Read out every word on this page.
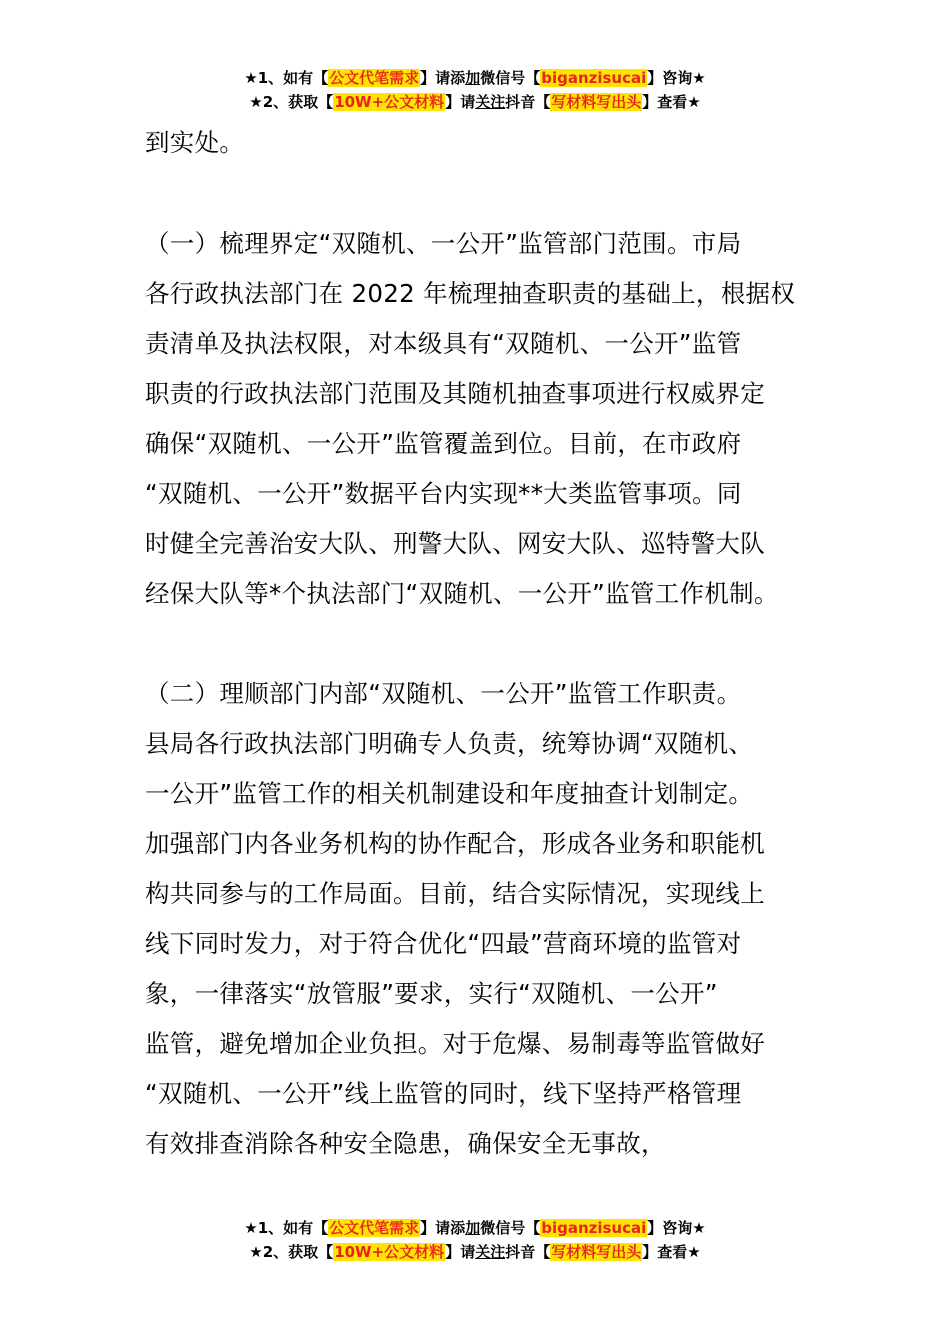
★1、如有【公文代笔需求】请添加微信号【biganzisucai】咨询★
★2、获取【10W+公文材料】请关注抖音【写材料写出头】查看★
到实处。
（一）梳理界定“双随机、一公开”监管部门范围。市局
各行政执法部门在 2022 年梳理抽查职责的基础上，根据权
责清单及执法权限，对本级具有“双随机、一公开”监管
职责的行政执法部门范围及其随机抽查事项进行权威界定
确保“双随机、一公开”监管覆盖到位。目前，在市政府
“双随机、一公开”数据平台内实现**大类监管事项。同
时健全完善治安大队、刑警大队、网安大队、巡特警大队
经保大队等*个执法部门“双随机、一公开”监管工作机制。
（二）理顺部门内部“双随机、一公开”监管工作职责。
县局各行政执法部门明确专人负责，统筹协调“双随机、
一公开”监管工作的相关机制建设和年度抽查计划制定。
加强部门内各业务机构的协作配合，形成各业务和职能机
构共同参与的工作局面。目前，结合实际情况，实现线上
线下同时发力，对于符合优化“四最”营商环境的监管对
象，一律落实“放管服”要求，实行“双随机、一公开”
监管，避免增加企业负担。对于危爆、易制毒等监管做好
“双随机、一公开”线上监管的同时，线下坚持严格管理
有效排查消除各种安全隐患，确保安全无事故，
★1、如有【公文代笔需求】请添加微信号【biganzisucai】咨询★
★2、获取【10W+公文材料】请关注抖音【写材料写出头】查看★
